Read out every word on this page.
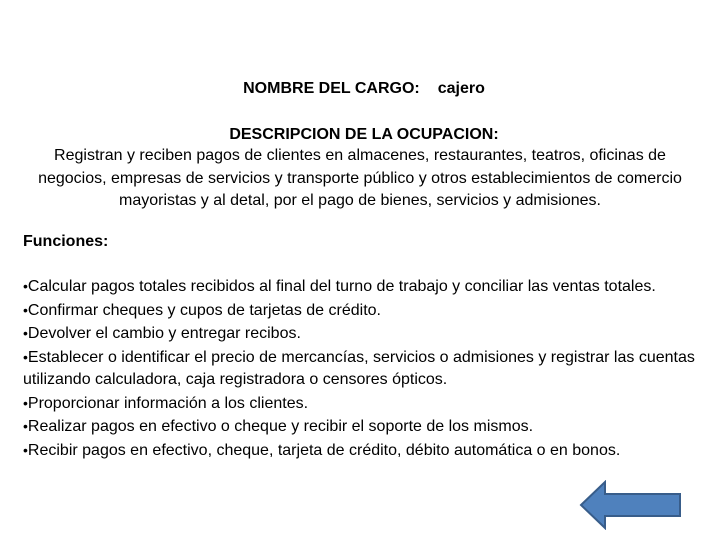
NOMBRE DEL CARGO: cajero
DESCRIPCION DE LA OCUPACION:
Registran y reciben pagos de clientes en almacenes, restaurantes, teatros, oficinas de negocios, empresas de servicios y transporte público y otros establecimientos de comercio mayoristas y al detal, por el pago de bienes, servicios y admisiones.
Funciones:
•Calcular pagos totales recibidos al final del turno de trabajo y conciliar las ventas totales.
•Confirmar cheques y cupos de tarjetas de crédito.
•Devolver el cambio y entregar recibos.
•Establecer o identificar el precio de mercancías, servicios o admisiones y registrar las cuentas utilizando calculadora, caja registradora o censores ópticos.
•Proporcionar información a los clientes.
•Realizar pagos en efectivo o cheque y recibir el soporte de los mismos.
•Recibir pagos en efectivo, cheque, tarjeta de crédito, débito automática o en bonos.
